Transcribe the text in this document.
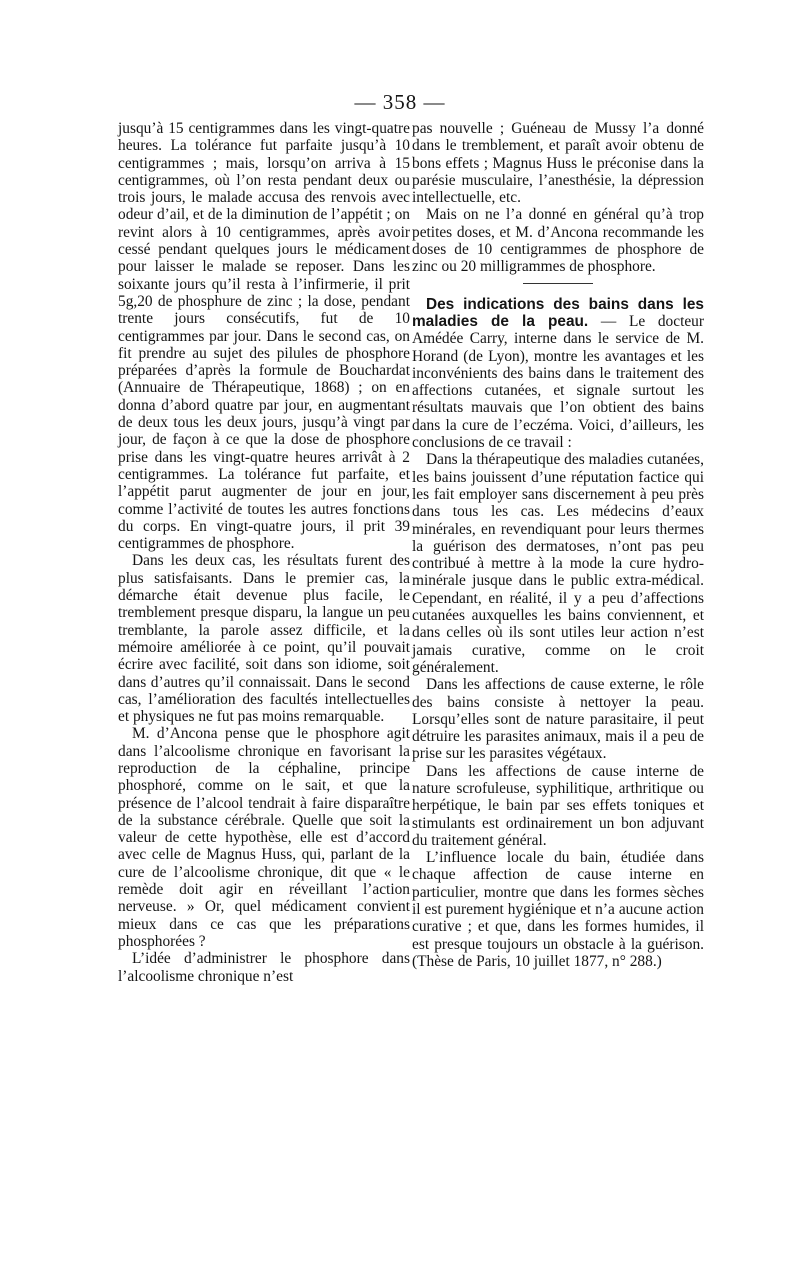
— 358 —

jusqu’à 15 centigrammes dans les vingt-quatre heures. La tolérance fut parfaite jusqu’à 10 centigrammes ; mais, lorsqu’on arriva à 15 centigrammes, où l’on resta pendant deux ou trois jours, le malade accusa des renvois avec odeur d’ail, et de la diminution de l’appétit ; on revint alors à 10 centigrammes, après avoir cessé pendant quelques jours le médicament pour laisser le malade se reposer. Dans les soixante jours qu’il resta à l’infirmerie, il prit 5g,20 de phosphure de zinc ; la dose, pendant trente jours consécutifs, fut de 10 centigrammes par jour. Dans le second cas, on fit prendre au sujet des pilules de phosphore préparées d’après la formule de Bouchardat (Annuaire de Thérapeutique, 1868) ; on en donna d’abord quatre par jour, en augmentant de deux tous les deux jours, jusqu’à vingt par jour, de façon à ce que la dose de phosphore prise dans les vingt-quatre heures arrivât à 2 centigrammes. La tolérance fut parfaite, et l’appétit parut augmenter de jour en jour, comme l’activité de toutes les autres fonctions du corps. En vingt-quatre jours, il prit 39 centigrammes de phosphore.

Dans les deux cas, les résultats furent des plus satisfaisants. Dans le premier cas, la démarche était devenue plus facile, le tremblement presque disparu, la langue un peu tremblante, la parole assez difficile, et la mémoire améliorée à ce point, qu’il pouvait écrire avec facilité, soit dans son idiome, soit dans d’autres qu’il connaissait. Dans le second cas, l’amélioration des facultés intellectuelles et physiques ne fut pas moins remarquable.

M. d’Ancona pense que le phosphore agit dans l’alcoolisme chronique en favorisant la reproduction de la céphaline, principe phosphoré, comme on le sait, et que la présence de l’alcool tendrait à faire disparaître de la substance cérébrale. Quelle que soit la valeur de cette hypothèse, elle est d’accord avec celle de Magnus Huss, qui, parlant de la cure de l’alcoolisme chronique, dit que « le remède doit agir en réveillant l’action nerveuse. » Or, quel médicament convient mieux dans ce cas que les préparations phosphorées ?

L’idée d’administrer le phosphore dans l’alcoolisme chronique n’est

pas nouvelle ; Guéneau de Mussy l’a donné dans le tremblement, et paraît avoir obtenu de bons effets ; Magnus Huss le préconise dans la parésie musculaire, l’anesthésie, la dépression intellectuelle, etc.

Mais on ne l’a donné en général qu’à trop petites doses, et M. d’Ancona recommande les doses de 10 centigrammes de phosphore de zinc ou 20 milligrammes de phosphore.

Des indications des bains dans les maladies de la peau. — Le docteur Amédée Carry, interne dans le service de M. Horand (de Lyon), montre les avantages et les inconvénients des bains dans le traitement des affections cutanées, et signale surtout les résultats mauvais que l’on obtient des bains dans la cure de l’eczéma. Voici, d’ailleurs, les conclusions de ce travail :

Dans la thérapeutique des maladies cutanées, les bains jouissent d’une réputation factice qui les fait employer sans discernement à peu près dans tous les cas. Les médecins d’eaux minérales, en revendiquant pour leurs thermes la guérison des dermatoses, n’ont pas peu contribué à mettre à la mode la cure hydro-minérale jusque dans le public extra-médical. Cependant, en réalité, il y a peu d’affections cutanées auxquelles les bains conviennent, et dans celles où ils sont utiles leur action n’est jamais curative, comme on le croit généralement.

Dans les affections de cause externe, le rôle des bains consiste à nettoyer la peau. Lorsqu’elles sont de nature parasitaire, il peut détruire les parasites animaux, mais il a peu de prise sur les parasites végétaux.

Dans les affections de cause interne de nature scrofuleuse, syphilitique, arthritique ou herpétique, le bain par ses effets toniques et stimulants est ordinairement un bon adjuvant du traitement général.

L’influence locale du bain, étudiée dans chaque affection de cause interne en particulier, montre que dans les formes sèches il est purement hygiénique et n’a aucune action curative ; et que, dans les formes humides, il est presque toujours un obstacle à la guérison. (Thèse de Paris, 10 juillet 1877, n° 288.)
